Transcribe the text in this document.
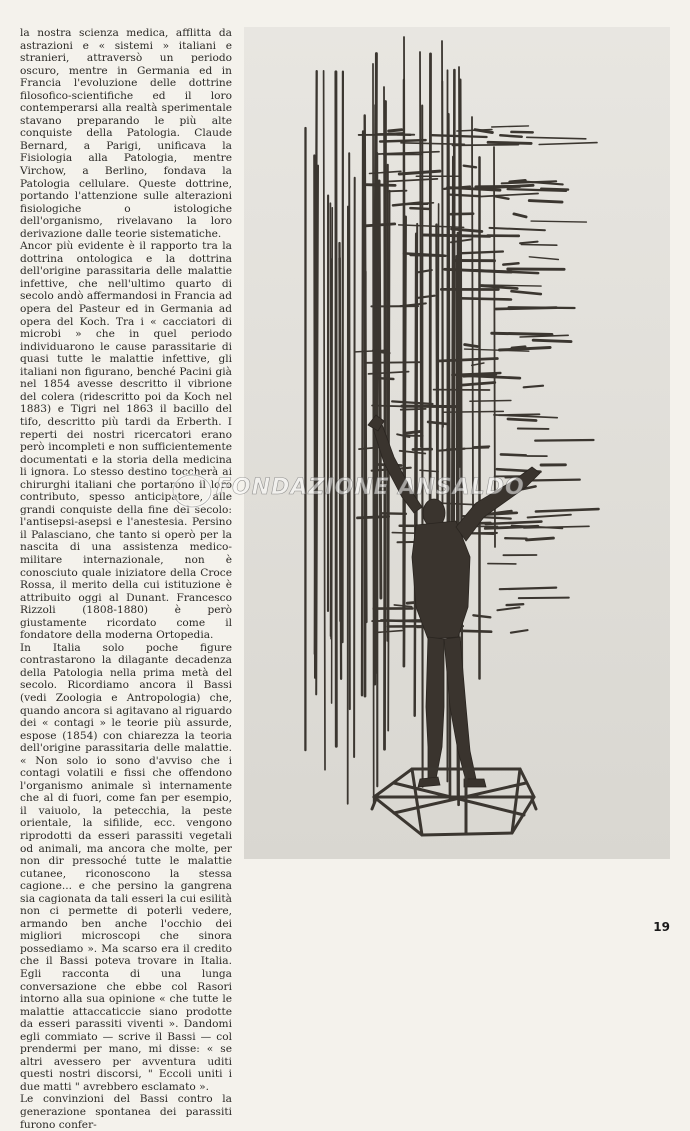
la nostra scienza medica, afflitta da astrazioni e « sistemi » italiani e stranieri, attraversò un periodo oscuro, mentre in Germania ed in Francia l'evoluzione delle dottrine filosofico-scientifiche ed il loro contemperarsi alla realtà sperimentale stavano preparando le più alte conquiste della Patologia. Claude Bernard, a Parigi, unificava la Fisiologia alla Patologia, mentre Virchow, a Berlino, fondava la Patologia cellulare. Queste dottrine, portando l'attenzione sulle alterazioni fisiologiche o istologiche dell'organismo, rivelavano la loro derivazione dalle teorie sistematiche.

Ancor più evidente è il rapporto tra la dottrina ontologica e la dottrina dell'origine parassitaria delle malattie infettive, che nell'ultimo quarto di secolo andò affermandosi in Francia ad opera del Pasteur ed in Germania ad opera del Koch. Tra i « cacciatori di microbi » che in quel periodo individuarono le cause parassitarie di quasi tutte le malattie infettive, gli italiani non figurano, benché Pacini già nel 1854 avesse descritto il vibrione del colera (ridescritto poi da Koch nel 1883) e Tigri nel 1863 il bacillo del tifo, descritto più tardi da Erberth. I reperti dei nostri ricercatori erano però incompleti e non sufficientemente documentati e la storia della medicina li ignora. Lo stesso destino toccherà ai chirurghi italiani che portarono il loro contributo, spesso anticipatore, alle grandi conquiste della fine del secolo: l'antisepsi-asepsi e l'anestesia. Persino il Palasciano, che tanto si operò per la nascita di una assistenza medico-militare internazionale, non è conosciuto quale iniziatore della Croce Rossa, il merito della cui istituzione è attribuito oggi al Dunant. Francesco Rizzoli (1808-1880) è però giustamente ricordato come il fondatore della moderna Ortopedia.

In Italia solo poche figure contrastarono la dilagante decadenza della Patologia nella prima metà del secolo. Ricordiamo ancora il Bassi (vedi Zoologia e Antropologia) che, quando ancora si agitavano al riguardo dei « contagi » le teorie più assurde, espose (1854) con chiarezza la teoria dell'origine parassitaria delle malattie. « Non solo io sono d'avviso che i contagi volatili e fissi che offendono l'organismo animale sì internamente che al di fuori, come fan per esempio, il vaiuolo, la petecchia, la peste orientale, la sifilide, ecc. vengono riprodotti da esseri parassiti vegetali od animali, ma ancora che molte, per non dir pressoché tutte le malattie cutanee, riconoscono la stessa cagione... e che persino la gangrena sia cagionata da tali esseri la cui esilità non ci permette di poterli vedere, armando ben anche l'occhio dei migliori microscopi che sinora possediamo ». Ma scarso era il credito che il Bassi poteva trovare in Italia. Egli racconta di una lunga conversazione che ebbe col Rasori intorno alla sua opinione « che tutte le malattie attaccaticcie siano prodotte da esseri parassiti viventi ». Dandomi egli commiato — scrive il Bassi — col prendermi per mano, mi disse: « se altri avessero per avventura uditi questi nostri discorsi, " Eccoli uniti i due matti " avrebbero esclamato ».

Le convinzioni del Bassi contro la generazione spontanea dei parassiti furono confer-

FONDAZIONE ANSALDO
19
